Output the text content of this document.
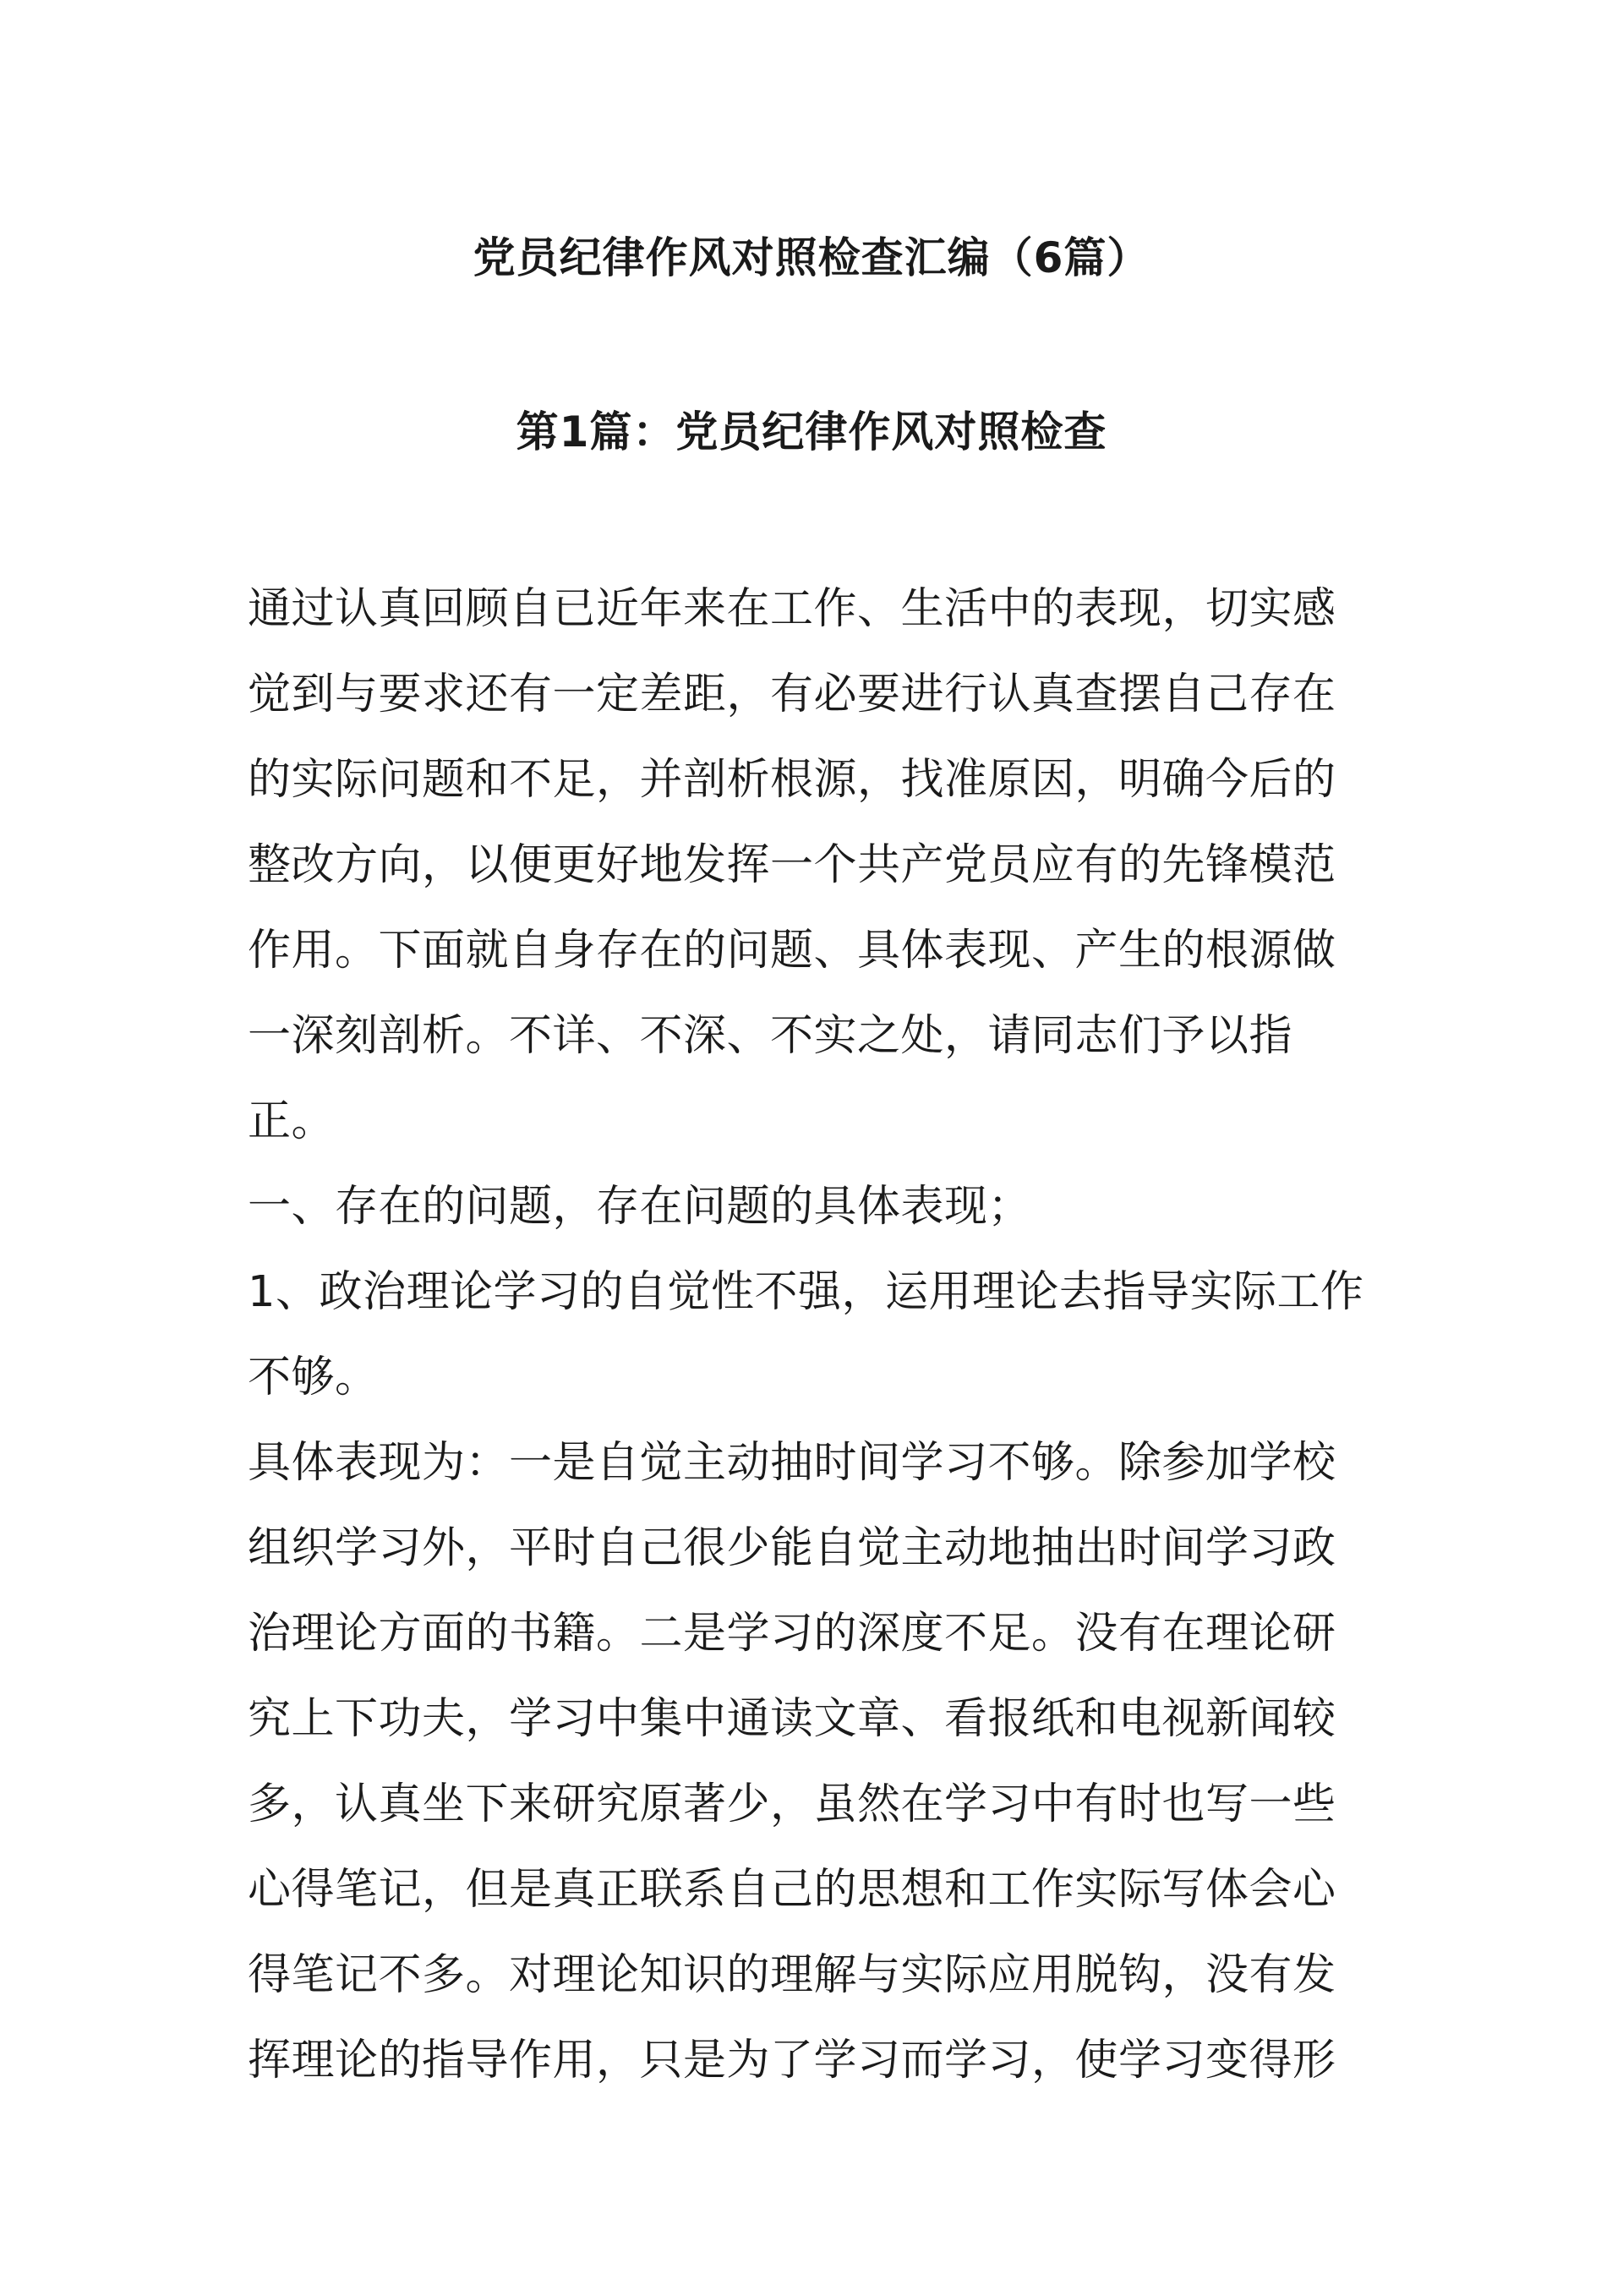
党员纪律作风对照检查汇编（6篇）
第1篇：党员纪律作风对照检查
通过认真回顾自已近年来在工作、生活中的表现，切实感
觉到与要求还有一定差距，有必要进行认真查摆自己存在
的实际问题和不足，并剖析根源，找准原因，明确今后的
整改方向，以便更好地发挥一个共产党员应有的先锋模范
作用。下面就自身存在的问题、具体表现、产生的根源做
一深刻剖析。不详、不深、不实之处，请同志们予以指
正。
一、存在的问题，存在问题的具体表现；
1、政治理论学习的自觉性不强，运用理论去指导实际工作
不够。
具体表现为：一是自觉主动抽时间学习不够。除参加学校
组织学习外，平时自己很少能自觉主动地抽出时间学习政
治理论方面的书籍。二是学习的深度不足。没有在理论研
究上下功夫，学习中集中通读文章、看报纸和电视新闻较
多，认真坐下来研究原著少，虽然在学习中有时也写一些
心得笔记，但是真正联系自己的思想和工作实际写体会心
得笔记不多。对理论知识的理解与实际应用脱钩，没有发
挥理论的指导作用，只是为了学习而学习，使学习变得形
